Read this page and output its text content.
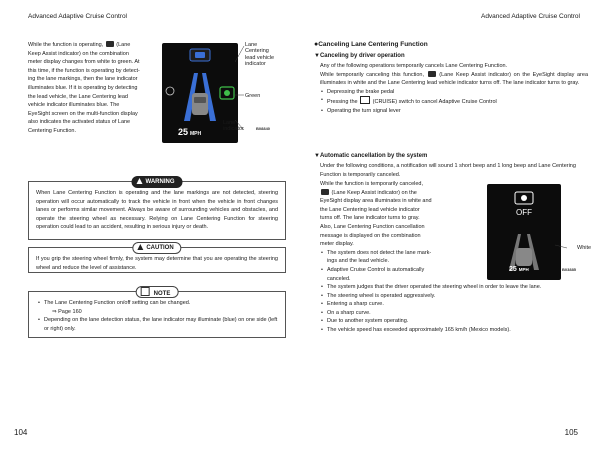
Advanced Adaptive Cruise Control	Advanced Adaptive Cruise Control
While the function is operating, (Lane
Keep Assist indicator) on the combination
meter display changes from white to green. At
this time, if the function is operating by detect-
ing the lane markings, then the lane indicator
illuminates blue. If it is operating by detecting
the lead vehicle, the Lane Centering lead
vehicle indicator illuminates blue. The
EyeSight screen on the multi-function display
also indicates the activated status of Lane
Centering Function.	25 MPH
Lane Centering lead vehicle indicator
Green
Lane indicator	B08840
WARNING
When Lane Centering Function is operating and the lane markings are not detected, steering operation will occur automatically to track the vehicle in front when the vehicle in front changes lanes or performs similar movement. Always be aware of surrounding vehicles and obstacles, and operate the steering wheel as necessary. Relying on Lane Centering Function for steering operation could lead to an accident, resulting in serious injury or death.
CAUTION
If you grip the steering wheel firmly, the system may determine that you are operating the steering wheel and reduce the level of assistance.
NOTE
• The Lane Centering Function on/off setting can be changed.
⇒ Page 160
• Depending on the lane detection status, the lane indicator may illuminate (blue) on one side (left or right) only.
●Canceling Lane Centering Function
▼Canceling by driver operation
Any of the following operations temporarily cancels Lane Centering Function.
While temporarily canceling this function,	(Lane Keep Assist indicator) on the EyeSight display area illuminates in white and the Lane Centering lead vehicle indicator turns off. The lane indicator turns to gray.
• Depressing the brake pedal
• Pressing the	(CRUISE) switch to cancel Adaptive Cruise Control
• Operating the turn signal lever
▼Automatic cancellation by the system
Under the following conditions, a notification will sound 1 short beep and 1 long beep and Lane Centering Function is temporarily canceled.
While the function is temporarily canceled,
(Lane Keep Assist indicator) on the
EyeSight display area illuminates in white and
the Lane Centering lead vehicle indicator
turns off. The lane indicator turns to gray.
Also, Lane Centering Function cancellation
message is displayed on the combination
meter display.
• The system does not detect the lane mark-
ings and the lead vehicle.
• Adaptive Cruise Control is automatically
canceled.
OFF
25 MPH
White
B03885
• The system judges that the driver operated the steering wheel in order to leave the lane.
• The steering wheel is operated aggressively.
• Entering a sharp curve.
• On a sharp curve.
• Due to another system operating.
• The vehicle speed has exceeded approximately 165 km/h (Mexico models).
104	105
